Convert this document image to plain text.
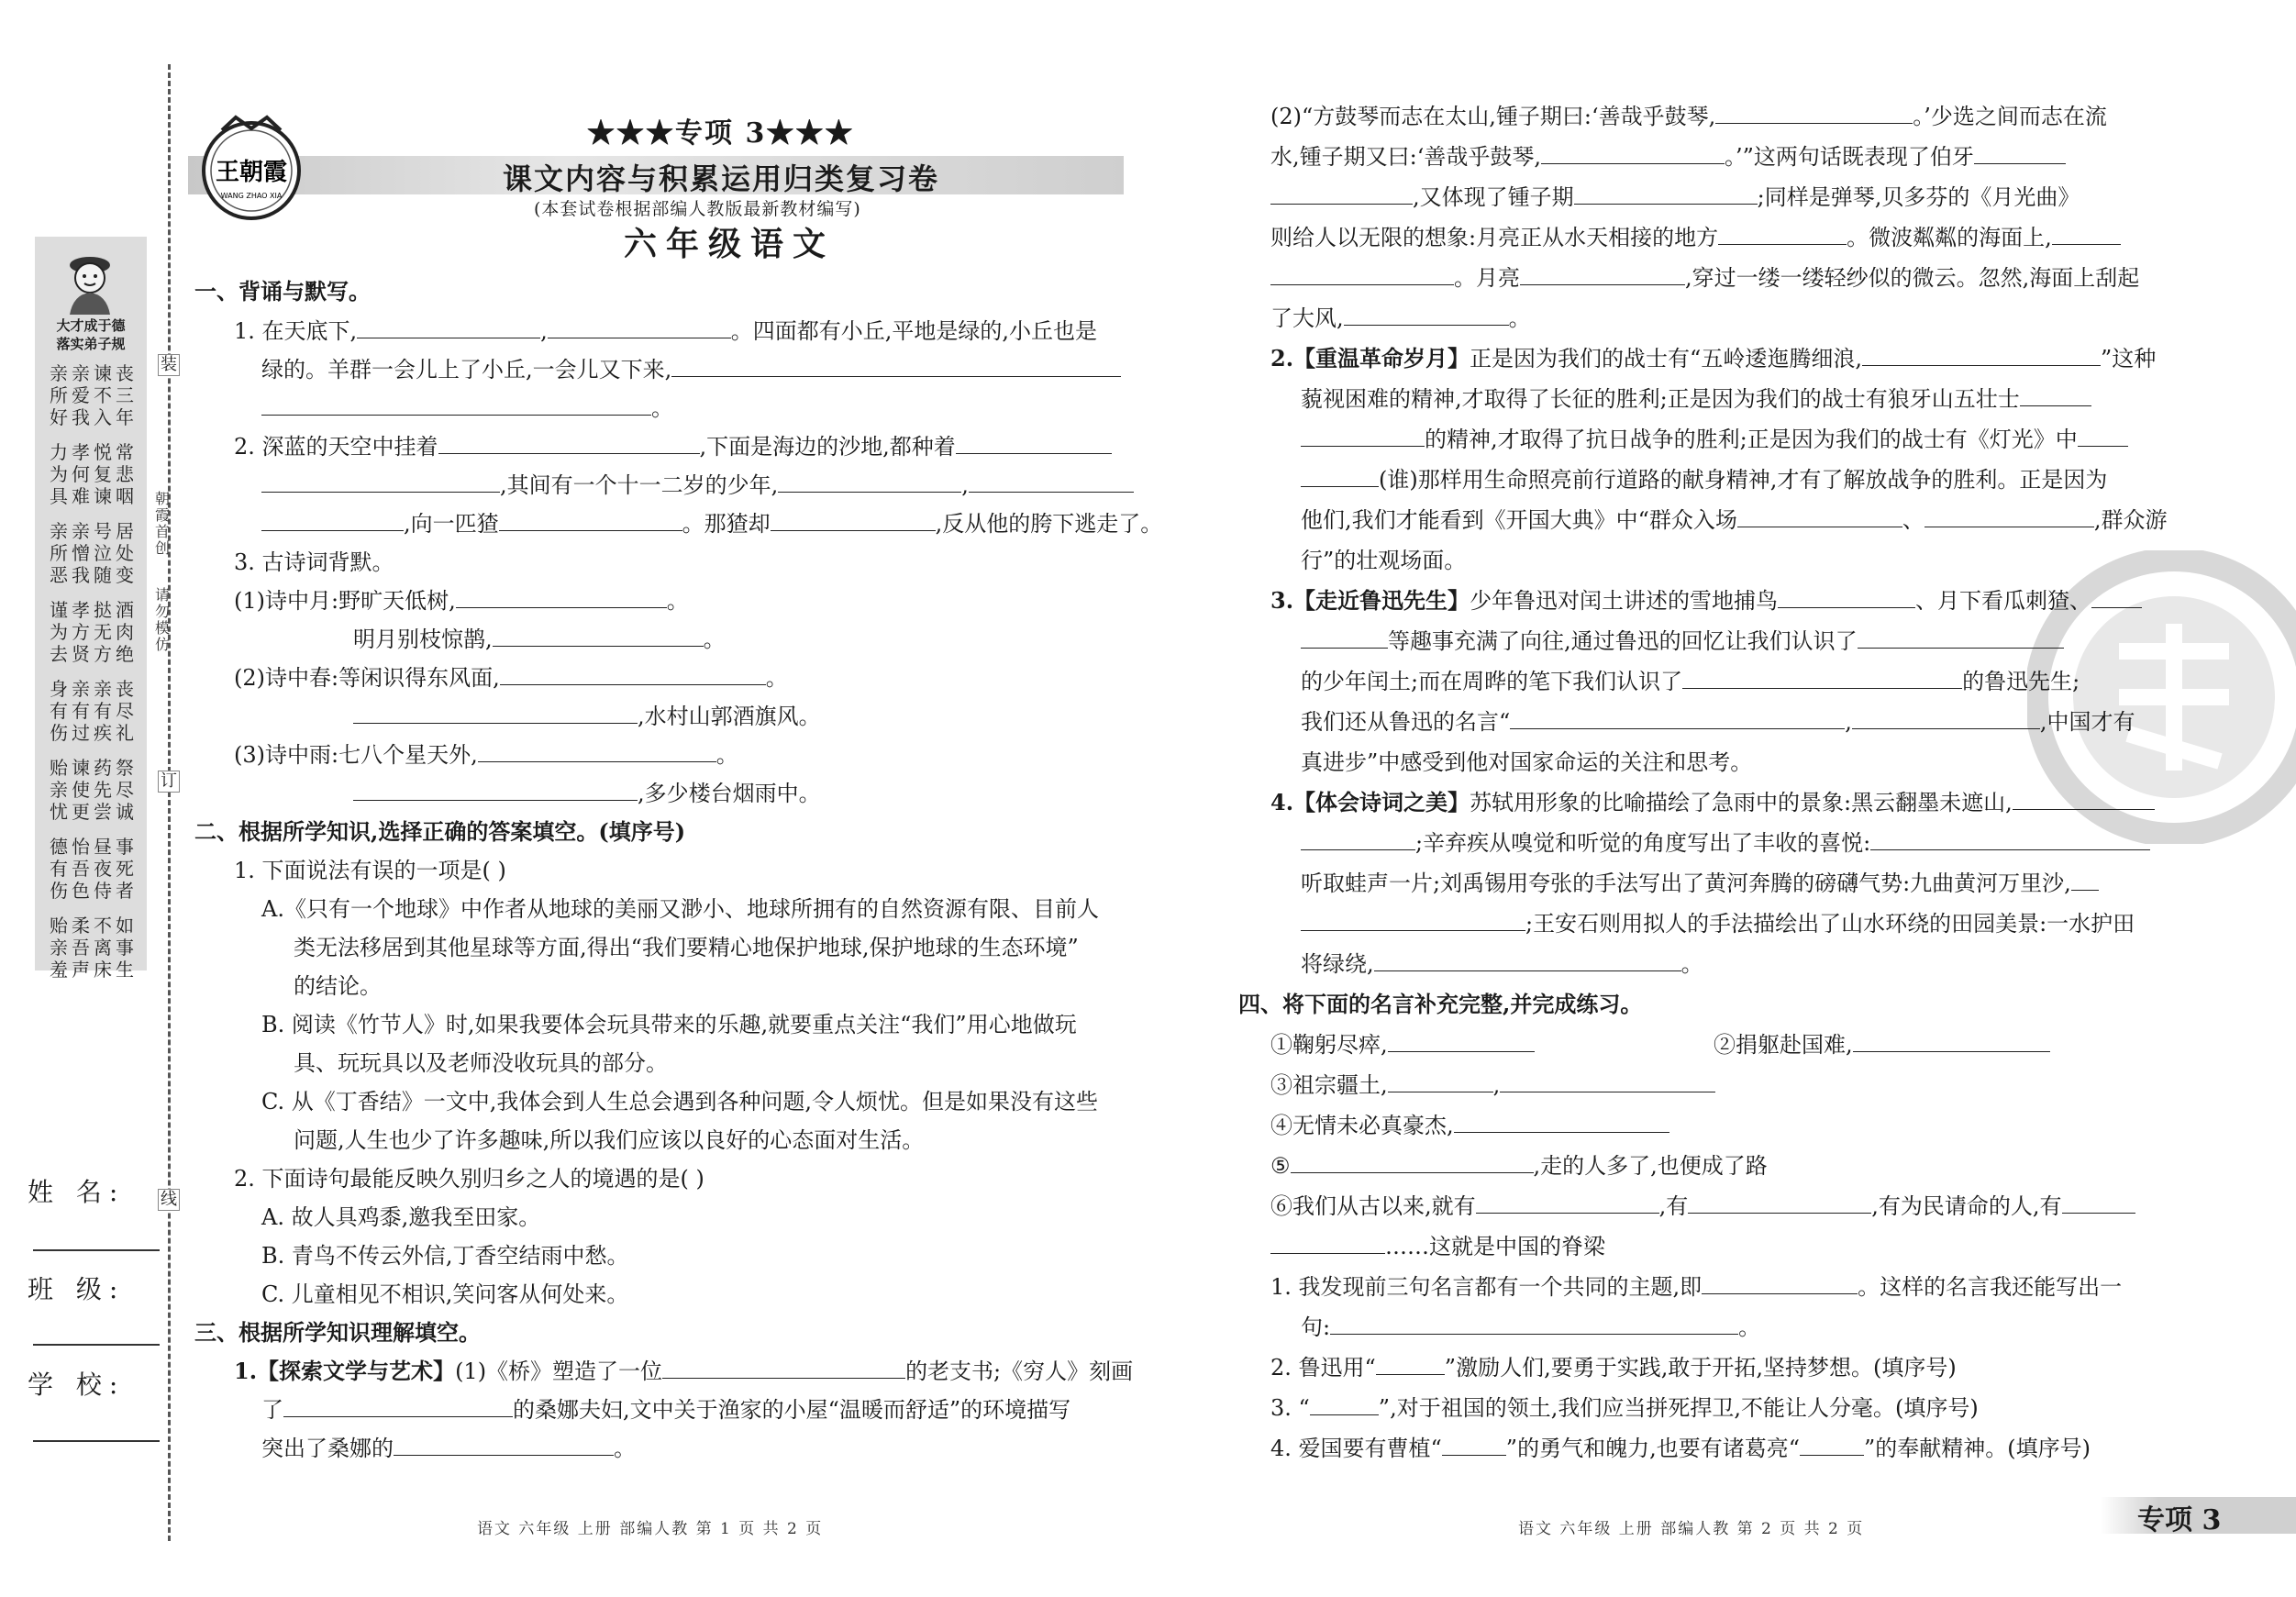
装
订
线
朝霞首创
请勿模仿
大才成于德
落实弟子规
丧三年
谏不入
亲爱我
亲所好
常悲咽
悦复谏
孝何难
力为具
居处变
号泣随
亲憎我
亲所恶
酒肉绝
挞无方
孝方贤
谨为去
丧尽礼
亲有疾
亲有过
身有伤
祭尽诚
药先尝
谏使更
贻亲忧
事死者
昼夜侍
怡吾色
德有伤
如事生
不离床
柔吾声
贻亲羞
姓 名:
班 级:
学 校:
王朝霞
WANG ZHAO XIA
★★★专项 3★★★
课文内容与积累运用归类复习卷
(本套试卷根据部编人教版最新教材编写)
六年级语文
一、背诵与默写。
1. 在天底下,	,	。四面都有小丘,平地是绿的,小丘也是
绿的。羊群一会儿上了小丘,一会儿又下来,
。
2. 深蓝的天空中挂着	,下面是海边的沙地,都种着
,其间有一个十一二岁的少年,	,
,向一匹猹	。那猹却	,反从他的胯下逃走了。
3. 古诗词背默。
(1)诗中月:野旷天低树,	。
明月别枝惊鹊,	。
(2)诗中春:等闲识得东风面,	。
,水村山郭酒旗风。
(3)诗中雨:七八个星天外,	。
,多少楼台烟雨中。
二、根据所学知识,选择正确的答案填空。(填序号)
1. 下面说法有误的一项是( )
A.《只有一个地球》中作者从地球的美丽又渺小、地球所拥有的自然资源有限、目前人
类无法移居到其他星球等方面,得出“我们要精心地保护地球,保护地球的生态环境”
的结论。
B. 阅读《竹节人》时,如果我要体会玩具带来的乐趣,就要重点关注“我们”用心地做玩
具、玩玩具以及老师没收玩具的部分。
C. 从《丁香结》一文中,我体会到人生总会遇到各种问题,令人烦忧。但是如果没有这些
问题,人生也少了许多趣味,所以我们应该以良好的心态面对生活。
2. 下面诗句最能反映久别归乡之人的境遇的是( )
A. 故人具鸡黍,邀我至田家。
B. 青鸟不传云外信,丁香空结雨中愁。
C. 儿童相见不相识,笑问客从何处来。
三、根据所学知识理解填空。
1.【探索文学与艺术】(1)《桥》塑造了一位	的老支书;《穷人》刻画
了	的桑娜夫妇,文中关于渔家的小屋“温暖而舒适”的环境描写
突出了桑娜的	。
语文 六年级 上册 部编人教 第 1 页 共 2 页
(2)“方鼓琴而志在太山,锺子期曰:‘善哉乎鼓琴,	。’少选之间而志在流
水,锺子期又曰:‘善哉乎鼓琴,	。’”这两句话既表现了伯牙
,又体现了锺子期	;同样是弹琴,贝多芬的《月光曲》
则给人以无限的想象:月亮正从水天相接的地方	。微波粼粼的海面上,
。月亮	,穿过一缕一缕轻纱似的微云。忽然,海面上刮起
了大风,	。
2.【重温革命岁月】正是因为我们的战士有“五岭逶迤腾细浪,	”这种
藐视困难的精神,才取得了长征的胜利;正是因为我们的战士有狼牙山五壮士
的精神,才取得了抗日战争的胜利;正是因为我们的战士有《灯光》中
(谁)那样用生命照亮前行道路的献身精神,才有了解放战争的胜利。正是因为
他们,我们才能看到《开国大典》中“群众入场	、	,群众游
行”的壮观场面。
3.【走近鲁迅先生】少年鲁迅对闰土讲述的雪地捕鸟	、月下看瓜刺猹、
等趣事充满了向往,通过鲁迅的回忆让我们认识了
的少年闰土;而在周晔的笔下我们认识了	的鲁迅先生;
我们还从鲁迅的名言“	,	,中国才有
真进步”中感受到他对国家命运的关注和思考。
4.【体会诗词之美】苏轼用形象的比喻描绘了急雨中的景象:黑云翻墨未遮山,
;辛弃疾从嗅觉和听觉的角度写出了丰收的喜悦:
听取蛙声一片;刘禹锡用夸张的手法写出了黄河奔腾的磅礴气势:九曲黄河万里沙,
;王安石则用拟人的手法描绘出了山水环绕的田园美景:一水护田
将绿绕,	。
四、将下面的名言补充完整,并完成练习。
①鞠躬尽瘁,	②捐躯赴国难,
③祖宗疆土,	,
④无情未必真豪杰,
⑤	,走的人多了,也便成了路
⑥我们从古以来,就有	,有	,有为民请命的人,有
……这就是中国的脊梁
1. 我发现前三句名言都有一个共同的主题,即	。这样的名言我还能写出一
句:	。
2. 鲁迅用“	”激励人们,要勇于实践,敢于开拓,坚持梦想。(填序号)
3. “	”,对于祖国的领土,我们应当拼死捍卫,不能让人分毫。(填序号)
4. 爱国要有曹植“	”的勇气和魄力,也要有诸葛亮“	”的奉献精神。(填序号)
语文 六年级 上册 部编人教 第 2 页 共 2 页	专项 3
